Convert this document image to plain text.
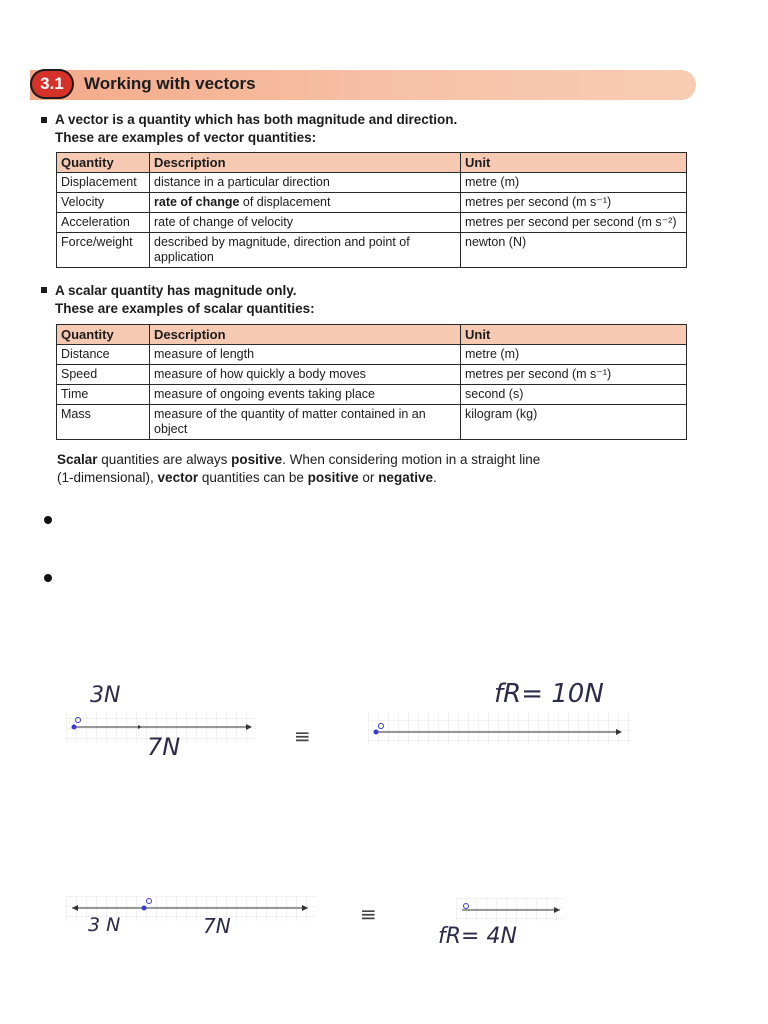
3.1	Working with vectors
A vector is a quantity which has both magnitude and direction.
These are examples of vector quantities:
Quantity	Description	Unit
Displacement	distance in a particular direction	metre (m)
Velocity	rate of change of displacement	metres per second (m s⁻¹)
Acceleration	rate of change of velocity	metres per second per second (m s⁻²)
Force/weight	described by magnitude, direction and point of application	newton (N)
A scalar quantity has magnitude only.
These are examples of scalar quantities:
Quantity	Description	Unit
Distance	measure of length	metre (m)
Speed	measure of how quickly a body moves	metres per second (m s⁻¹)
Time	measure of ongoing events taking place	second (s)
Mass	measure of the quantity of matter contained in an object	kilogram (kg)
Scalar quantities are always positive. When considering motion in a straight line
(1-dimensional), vector quantities can be positive or negative.
3N
7N	≡
fR= 10N
3 N	7N	≡
fR= 4N
